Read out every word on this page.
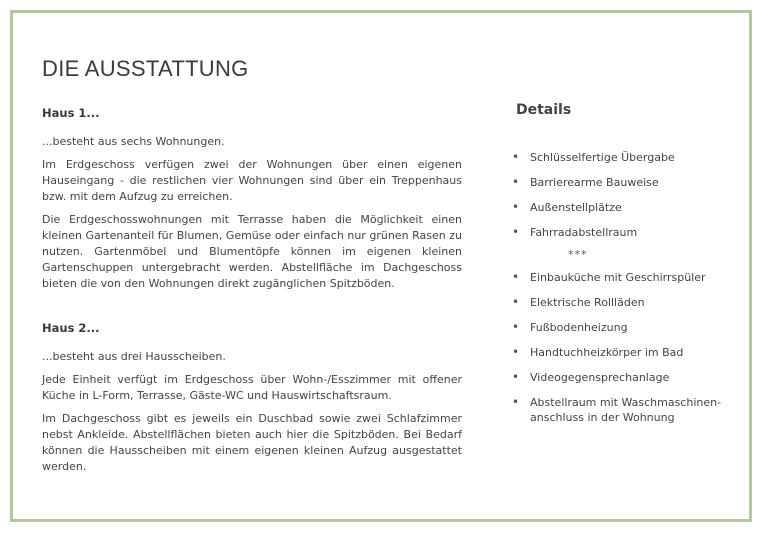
DIE AUSSTATTUNG

Haus 1...

...besteht aus sechs Wohnungen.

Im Erdgeschoss verfügen zwei der Wohnungen über einen eigenen Hauseingang - die restlichen vier Wohnungen sind über ein Treppenhaus bzw. mit dem Aufzug zu erreichen.

Die Erdgeschosswohnungen mit Terrasse haben die Möglichkeit einen kleinen Gartenanteil für Blumen, Gemüse oder einfach nur grünen Rasen zu nutzen. Gartenmöbel und Blumentöpfe können im eigenen kleinen Gartenschuppen untergebracht werden. Abstellfläche im Dachgeschoss bieten die von den Wohnungen direkt zugänglichen Spitzböden.

Haus 2...

...besteht aus drei Hausscheiben.

Jede Einheit verfügt im Erdgeschoss über Wohn-/Esszimmer mit offener Küche in L-Form, Terrasse, Gäste-WC und Hauswirtschaftsraum.

Im Dachgeschoss gibt es jeweils ein Duschbad sowie zwei Schlafzimmer nebst Ankleide. Abstellflächen bieten auch hier die Spitzböden. Bei Bedarf können die Hausscheiben mit einem eigenen kleinen Aufzug ausgestattet werden.

Details

• Schlüsselfertige Übergabe
• Barrierearme Bauweise
• Außenstellplätze
• Fahrradabstellraum
***
• Einbauküche mit Geschirrspüler
• Elektrische Rollläden
• Fußbodenheizung
• Handtuchheizkörper im Bad
• Videogegensprechanlage
• Abstellraum mit Waschmaschinen-anschluss in der Wohnung
